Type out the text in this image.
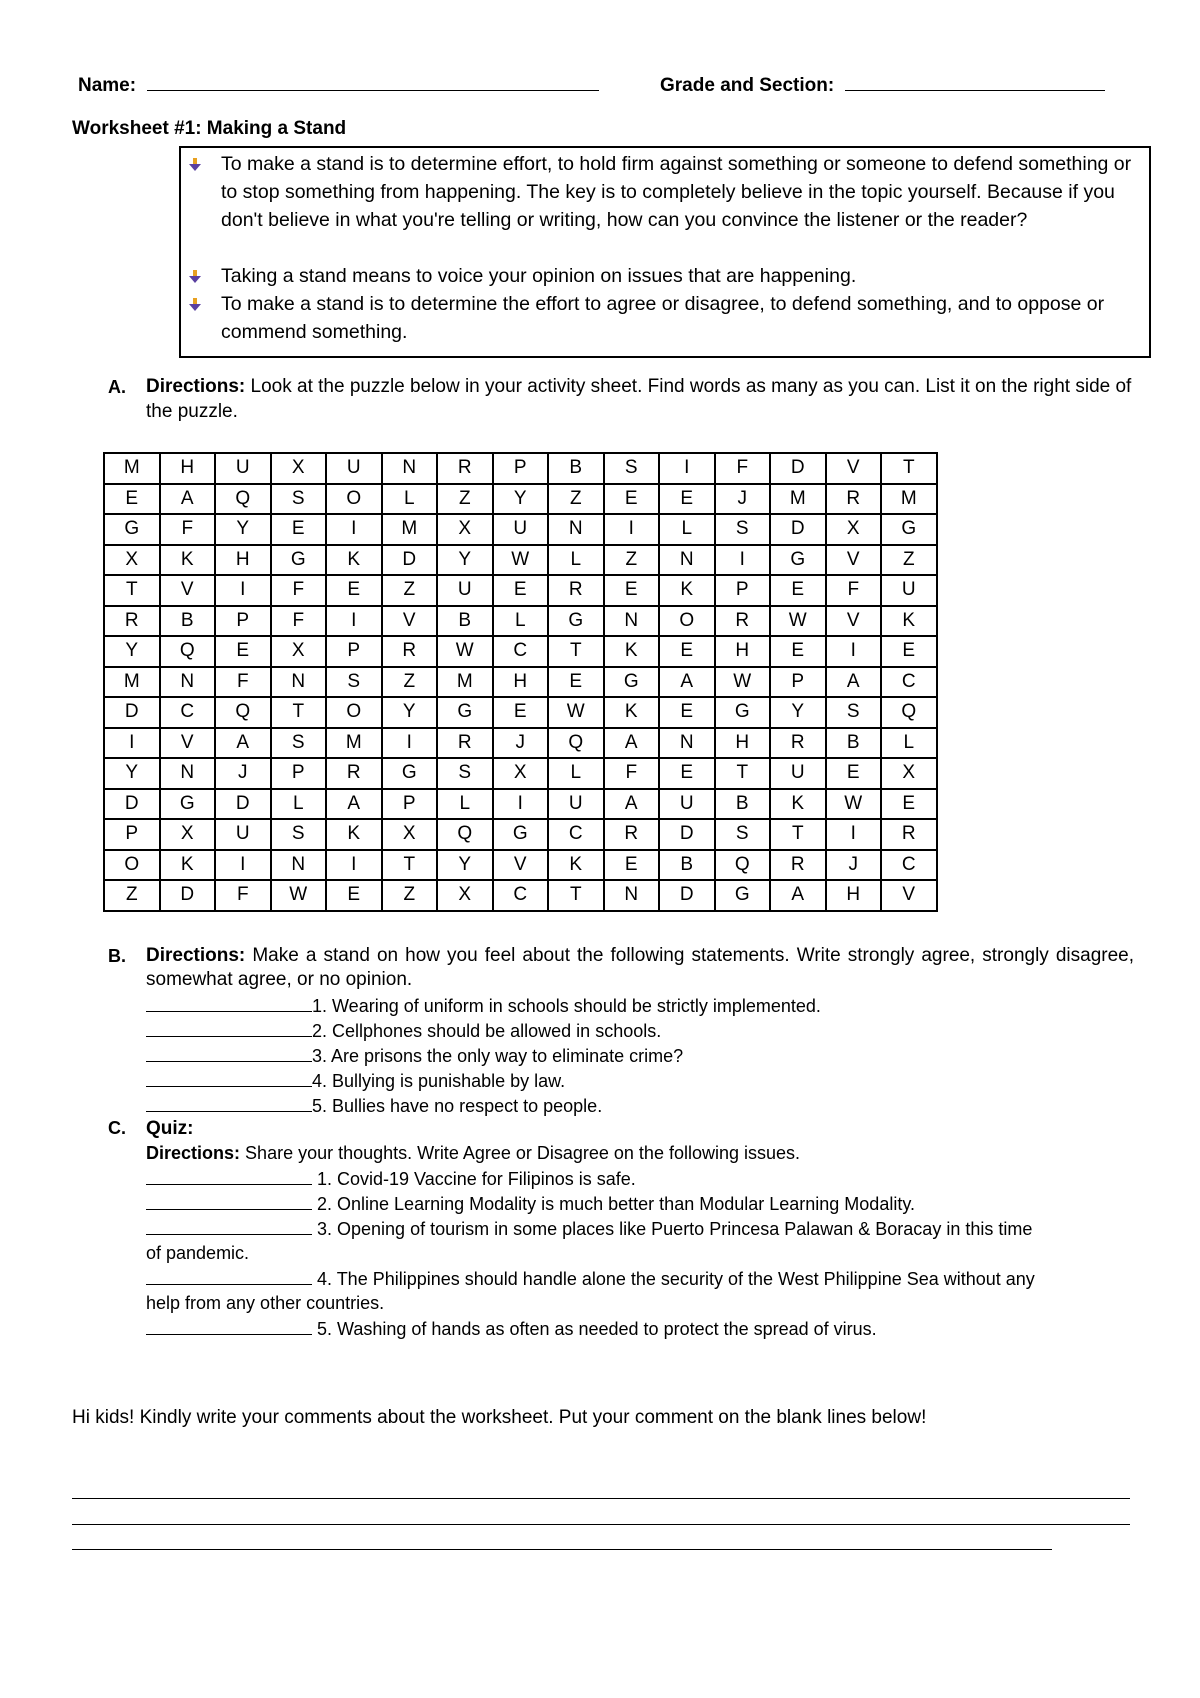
Name:	Grade and Section:
Worksheet #1: Making a Stand
To make a stand is to determine effort, to hold firm against something or someone to defend something or to stop something from happening. The key is to completely believe in the topic yourself. Because if you don't believe in what you're telling or writing, how can you convince the listener or the reader?
Taking a stand means to voice your opinion on issues that are happening.
To make a stand is to determine the effort to agree or disagree, to defend something, and to oppose or commend something.
A. Directions: Look at the puzzle below in your activity sheet. Find words as many as you can. List it on the right side of the puzzle.
M	H	U	X	U	N	R	P	B	S	I	F	D	V	T
E	A	Q	S	O	L	Z	Y	Z	E	E	J	M	R	M
G	F	Y	E	I	M	X	U	N	I	L	S	D	X	G
X	K	H	G	K	D	Y	W	L	Z	N	I	G	V	Z
T	V	I	F	E	Z	U	E	R	E	K	P	E	F	U
R	B	P	F	I	V	B	L	G	N	O	R	W	V	K
Y	Q	E	X	P	R	W	C	T	K	E	H	E	I	E
M	N	F	N	S	Z	M	H	E	G	A	W	P	A	C
D	C	Q	T	O	Y	G	E	W	K	E	G	Y	S	Q
I	V	A	S	M	I	R	J	Q	A	N	H	R	B	L
Y	N	J	P	R	G	S	X	L	F	E	T	U	E	X
D	G	D	L	A	P	L	I	U	A	U	B	K	W	E
P	X	U	S	K	X	Q	G	C	R	D	S	T	I	R
O	K	I	N	I	T	Y	V	K	E	B	Q	R	J	C
Z	D	F	W	E	Z	X	C	T	N	D	G	A	H	V
B. Directions: Make a stand on how you feel about the following statements. Write strongly agree, strongly disagree, somewhat agree, or no opinion.
1. Wearing of uniform in schools should be strictly implemented.
2. Cellphones should be allowed in schools.
3. Are prisons the only way to eliminate crime?
4. Bullying is punishable by law.
5. Bullies have no respect to people.
C. Quiz:
Directions: Share your thoughts. Write Agree or Disagree on the following issues.
1. Covid-19 Vaccine for Filipinos is safe.
2. Online Learning Modality is much better than Modular Learning Modality.
3. Opening of tourism in some places like Puerto Princesa Palawan & Boracay in this time
of pandemic.
4. The Philippines should handle alone the security of the West Philippine Sea without any
help from any other countries.
5. Washing of hands as often as needed to protect the spread of virus.
Hi kids! Kindly write your comments about the worksheet. Put your comment on the blank lines below!
